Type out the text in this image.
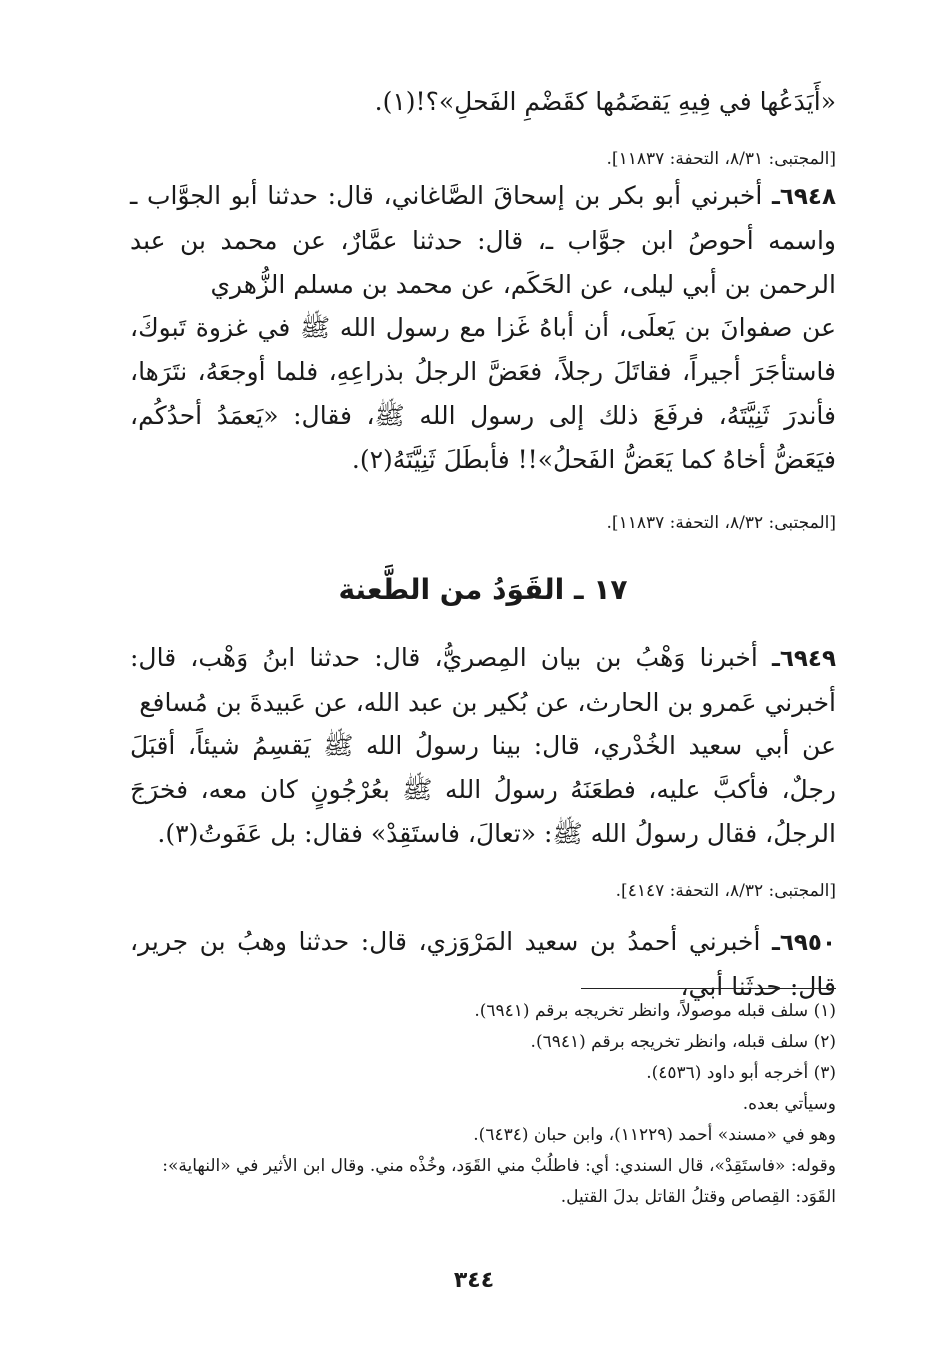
«أَيَدَعُها في فِيهِ يَقضَمُها كقَضْمِ الفَحلِ»؟!(١).

[المجتبى: ٨/٣١، التحفة: ١١٨٣٧].

٦٩٤٨ـ أخبرني أبو بكر بن إسحاقَ الصَّاغاني، قال: حدثنا أبو الجوَّاب ـ واسمه أحوصُ ابن جوَّاب ـ، قال: حدثنا عمَّارٌ، عن محمد بن عبد الرحمن بن أبي ليلى، عن الحَكَم، عن محمد بن مسلم الزُّهري

عن صفوانَ بن يَعلَى، أن أباهُ غَزا مع رسول الله ﷺ في غزوة تَبوكَ، فاستأجَرَ أجيراً، فقاتَلَ رجلاً، فعَضَّ الرجلُ بذراعِهِ، فلما أوجعَهُ، نتَرَها، فأندرَ ثَنِيَّتَهُ، فرفَعَ ذلك إلى رسول الله ﷺ، فقال: «يَعمَدُ أحدُكُم، فيَعَضُّ أخاهُ كما يَعَضُّ الفَحلُ»!! فأبطَلَ ثَنِيَّتَهُ(٢).

[المجتبى: ٨/٣٢، التحفة: ١١٨٣٧].

١٧ ـ القَوَدُ من الطَّعنة

٦٩٤٩ـ أخبرنا وَهْبُ بن بيان المِصريُّ، قال: حدثنا ابنُ وَهْب، قال: أخبرني عَمرو بن الحارث، عن بُكير بن عبد الله، عن عَبيدةَ بن مُسافع

عن أبي سعيد الخُدْري، قال: بينا رسولُ الله ﷺ يَقسِمُ شيئاً، أقبَلَ رجلٌ، فأكبَّ عليه، فطعَنَهُ رسولُ الله ﷺ بعُرْجُونٍ كان معه، فخرَجَ الرجلُ، فقال رسولُ الله ﷺ: «تعالَ، فاستَقِدْ» فقال: بل عَفَوتُ(٣).

[المجتبى: ٨/٣٢، التحفة: ٤١٤٧].

٦٩٥٠ـ أخبرني أحمدُ بن سعيد المَرْوَزي، قال: حدثنا وهبُ بن جرير، قال: حدثَنا أبي،

(١) سلف قبله موصولاً، وانظر تخريجه برقم (٦٩٤١).

(٢) سلف قبله، وانظر تخريجه برقم (٦٩٤١).

(٣) أخرجه أبو داود (٤٥٣٦).

وسيأتي بعده.

وهو في «مسند» أحمد (١١٢٢٩)، وابن حبان (٦٤٣٤).

وقوله: «فاستَقِدْ»، قال السندي: أي: فاطلُبْ مني القَوَد، وخُذْه مني. وقال ابن الأثير في «النهاية»: القَوَد: القِصاص وقتلُ القاتل بدلَ القتيل.

٣٤٤
